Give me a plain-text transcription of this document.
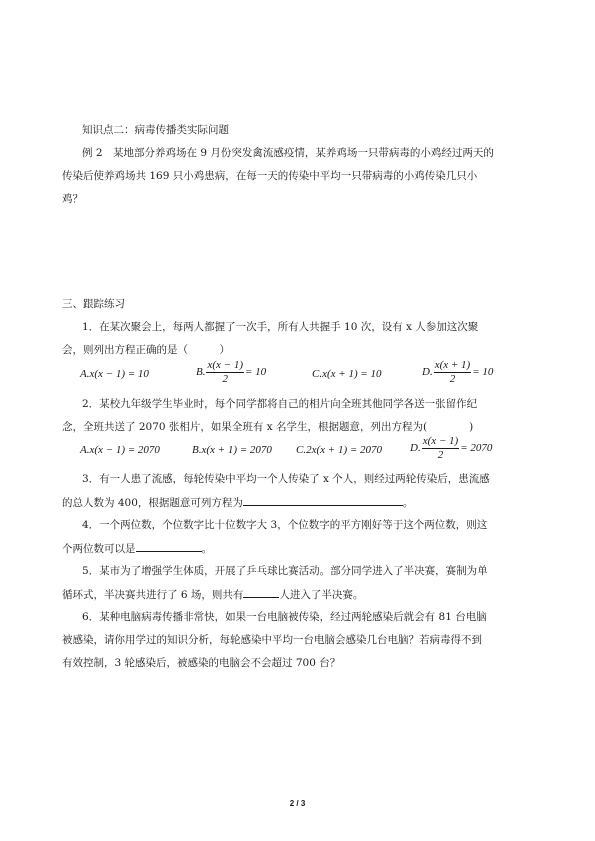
知识点二：病毒传播类实际问题
例 2　某地部分养鸡场在 9 月份突发禽流感疫情，某养鸡场一只带病毒的小鸡经过两天的
传染后使养鸡场共 169 只小鸡患病，在每一天的传染中平均一只带病毒的小鸡传染几只小
鸡？
三、跟踪练习
1．在某次聚会上，每两人都握了一次手，所有人共握手 10 次，设有 x 人参加这次聚
会，则列出方程正确的是（　　　）
A.x(x − 1) = 10	B. $\frac{x(x - 1)}{2} = 10$	C.x(x + 1) = 10	D. $\frac{x(x + 1)}{2} = 10$
2．某校九年级学生毕业时，每个同学都将自己的相片向全班其他同学各送一张留作纪
念，全班共送了 2070 张相片，如果全班有 x 名学生，根据题意，列出方程为(　　　　)
A.x(x − 1) = 2070	B.x(x + 1) = 2070 C.2x(x + 1) = 2070	D. $\frac{x(x - 1)}{2} = 2070$
3．有一人患了流感，每轮传染中平均一个人传染了 x 个人，则经过两轮传染后，患流感
的总人数为 400，根据题意可列方程为	。
4．一个两位数，个位数字比十位数字大 3，个位数字的平方刚好等于这个两位数，则这
个两位数可以是	。
5．某市为了增强学生体质，开展了乒乓球比赛活动。部分同学进入了半决赛，赛制为单
循环式，半决赛共进行了 6 场，则共有	人进入了半决赛。
6．某种电脑病毒传播非常快，如果一台电脑被传染，经过两轮感染后就会有 81 台电脑
被感染，请你用学过的知识分析，每轮感染中平均一台电脑会感染几台电脑？若病毒得不到
有效控制，3 轮感染后，被感染的电脑会不会超过 700 台？
2 / 3
